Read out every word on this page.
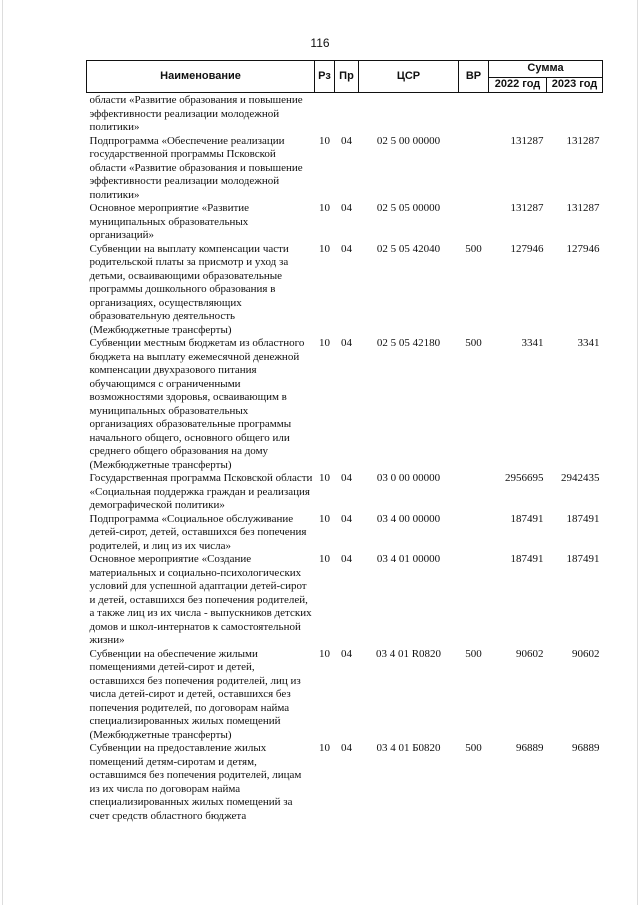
116
Наименование	Рз	Пр	ЦСР	ВР	Сумма	
					2022 год	2023 год
области «Развитие образования и повышение эффективности реализации молодежной политики»						
Подпрограмма «Обеспечение реализации государственной программы Псковской области «Развитие образования и повышение эффективности реализации молодежной политики»	10	04	02 5 00 00000		131287	131287
Основное мероприятие «Развитие муниципальных образовательных организаций»	10	04	02 5 05 00000		131287	131287
Субвенции на выплату компенсации части родительской платы за присмотр и уход за детьми, осваивающими образовательные программы дошкольного образования в организациях, осуществляющих образовательную деятельность (Межбюджетные трансферты)	10	04	02 5 05 42040	500	127946	127946
Субвенции местным бюджетам из областного бюджета на выплату ежемесячной денежной компенсации двухразового питания обучающимся с ограниченными возможностями здоровья, осваивающим в муниципальных образовательных организациях образовательные программы начального общего, основного общего или среднего общего образования на дому (Межбюджетные трансферты)	10	04	02 5 05 42180	500	3341	3341
Государственная программа Псковской области «Социальная поддержка граждан и реализация демографической политики»	10	04	03 0 00 00000		2956695	2942435
Подпрограмма «Социальное обслуживание детей-сирот, детей, оставшихся без попечения родителей, и лиц из их числа»	10	04	03 4 00 00000		187491	187491
Основное мероприятие «Создание материальных и социально-психологических условий для успешной адаптации детей-сирот и детей, оставшихся без попечения родителей, а также лиц из их числа - выпускников детских домов и школ-интернатов к самостоятельной жизни»	10	04	03 4 01 00000		187491	187491
Субвенции на обеспечение жилыми помещениями детей-сирот и детей, оставшихся без попечения родителей, лиц из числа детей-сирот и детей, оставшихся без попечения родителей, по договорам найма специализированных жилых помещений (Межбюджетные трансферты)	10	04	03 4 01 R0820	500	90602	90602
Субвенции на предоставление жилых помещений детям-сиротам и детям, оставшимся без попечения родителей, лицам из их числа по договорам найма специализированных жилых помещений за счет средств областного бюджета	10	04	03 4 01 Б0820	500	96889	96889
